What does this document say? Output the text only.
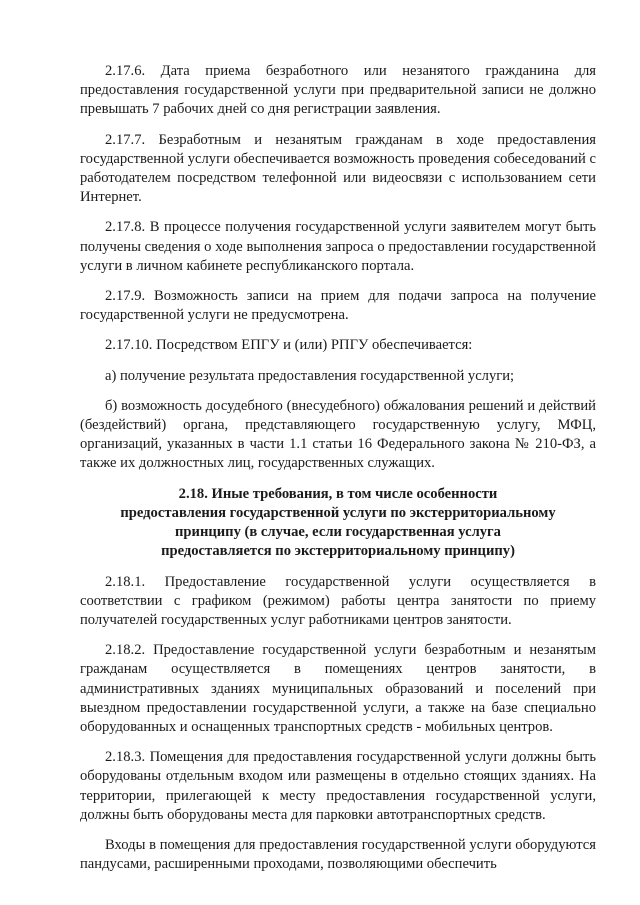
2.17.6. Дата приема безработного или незанятого гражданина для предоставления государственной услуги при предварительной записи не должно превышать 7 рабочих дней со дня регистрации заявления.

2.17.7. Безработным и незанятым гражданам в ходе предоставления государственной услуги обеспечивается возможность проведения собеседований с работодателем посредством телефонной или видеосвязи с использованием сети Интернет.

2.17.8. В процессе получения государственной услуги заявителем могут быть получены сведения о ходе выполнения запроса о предоставлении государственной услуги в личном кабинете республиканского портала.

2.17.9. Возможность записи на прием для подачи запроса на получение государственной услуги не предусмотрена.

2.17.10. Посредством ЕПГУ и (или) РПГУ обеспечивается:

а) получение результата предоставления государственной услуги;

б) возможность досудебного (внесудебного) обжалования решений и действий (бездействий) органа, представляющего государственную услугу, МФЦ, организаций, указанных в части 1.1 статьи 16 Федерального закона № 210-ФЗ, а также их должностных лиц, государственных служащих.

2.18. Иные требования, в том числе особенности
предоставления государственной услуги по экстерриториальному
принципу (в случае, если государственная услуга
предоставляется по экстерриториальному принципу)

2.18.1. Предоставление государственной услуги осуществляется в соответствии с графиком (режимом) работы центра занятости по приему получателей государственных услуг работниками центров занятости.

2.18.2. Предоставление государственной услуги безработным и незанятым гражданам осуществляется в помещениях центров занятости, в административных зданиях муниципальных образований и поселений при выездном предоставлении государственной услуги, а также на базе специально оборудованных и оснащенных транспортных средств - мобильных центров.

2.18.3. Помещения для предоставления государственной услуги должны быть оборудованы отдельным входом или размещены в отдельно стоящих зданиях. На территории, прилегающей к месту предоставления государственной услуги, должны быть оборудованы места для парковки автотранспортных средств.

Входы в помещения для предоставления государственной услуги оборудуются пандусами, расширенными проходами, позволяющими обеспечить
